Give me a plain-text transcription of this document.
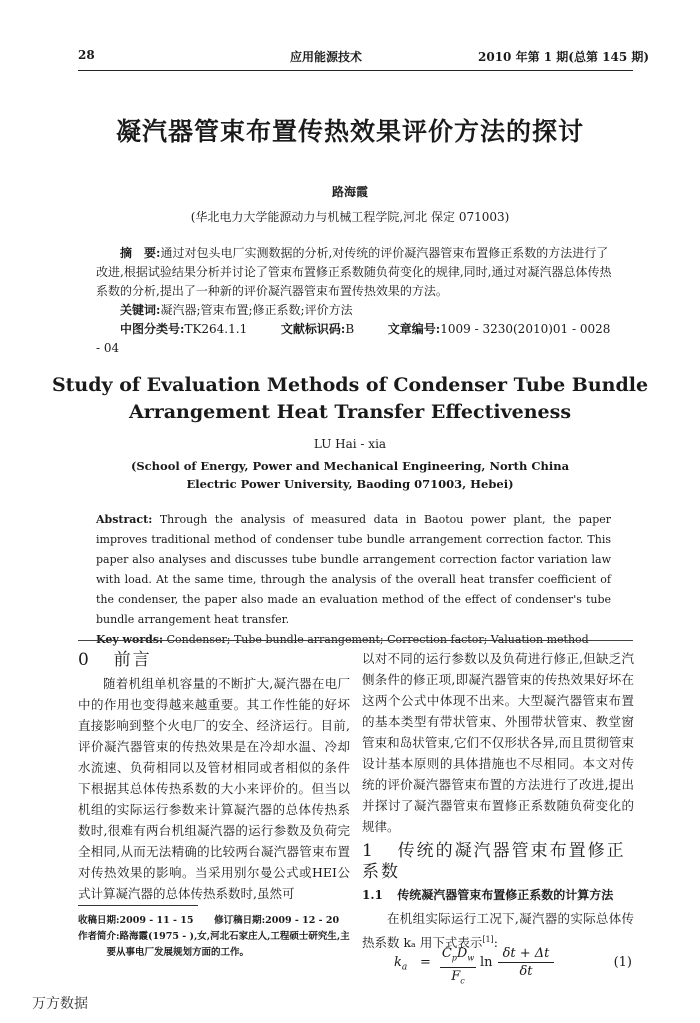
28	应用能源技术	2010 年第 1 期(总第 145 期)
凝汽器管束布置传热效果评价方法的探讨
路海霞
(华北电力大学能源动力与机械工程学院,河北 保定 071003)
摘　要:通过对包头电厂实测数据的分析,对传统的评价凝汽器管束布置修正系数的方法进行了改进,根据试验结果分析并讨论了管束布置修正系数随负荷变化的规律,同时,通过对凝汽器总体传热系数的分析,提出了一种新的评价凝汽器管束布置传热效果的方法。
关键词:凝汽器;管束布置;修正系数;评价方法
中图分类号:TK264.1.1	文献标识码:B	文章编号:1009 - 3230(2010)01 - 0028 - 04
Study of Evaluation Methods of Condenser Tube Bundle
Arrangement Heat Transfer Effectiveness
LU Hai - xia
(School of Energy, Power and Mechanical Engineering, North China
Electric Power University, Baoding 071003, Hebei)
Abstract: Through the analysis of measured data in Baotou power plant, the paper improves traditional method of condenser tube bundle arrangement correction factor. This paper also analyses and discusses tube bundle arrangement correction factor variation law with load. At the same time, through the analysis of the overall heat transfer coefficient of the condenser, the paper also made an evaluation method of the effect of condenser's tube bundle arrangement heat transfer.
Key words: Condenser; Tube bundle arrangement; Correction factor; Valuation method
0 前言

随着机组单机容量的不断扩大,凝汽器在电厂中的作用也变得越来越重要。其工作性能的好坏直接影响到整个火电厂的安全、经济运行。目前,评价凝汽器管束的传热效果是在冷却水温、冷却水流速、负荷相同以及管材相同或者相似的条件下根据其总体传热系数的大小来评价的。但当以机组的实际运行参数来计算凝汽器的总体传热系数时,很难有两台机组凝汽器的运行参数及负荷完全相同,从而无法精确的比较两台凝汽器管束布置对传热效果的影响。当采用别尔曼公式或HEI公式计算凝汽器的总体传热系数时,虽然可

以对不同的运行参数以及负荷进行修正,但缺乏汽侧条件的修正项,即凝汽器管束的传热效果好坏在这两个公式中体现不出来。大型凝汽器管束布置的基本类型有带状管束、外围带状管束、教堂窗管束和岛状管束,它们不仅形状各异,而且贯彻管束设计基本原则的具体措施也不尽相同。本文对传统的评价凝汽器管束布置的方法进行了改进,提出并探讨了凝汽器管束布置修正系数随负荷变化的规律。

1 传统的凝汽器管束布置修正系数
1.1 传统凝汽器管束布置修正系数的计算方法

在机组实际运行工况下,凝汽器的实际总体传热系数 kₐ 用下式表示[1]:

收稿日期:2009 - 11 - 15 修订稿日期:2009 - 12 - 20
作者简介:路海霞(1975 - ),女,河北石家庄人,工程硕士研究生,主要从事电厂发展规划方面的工作。
$k_a$ =
$C_pD_w$
$F_c$
$\ln \frac{\delta t + \Delta t}{\delta t}$	(1)
万方数据
